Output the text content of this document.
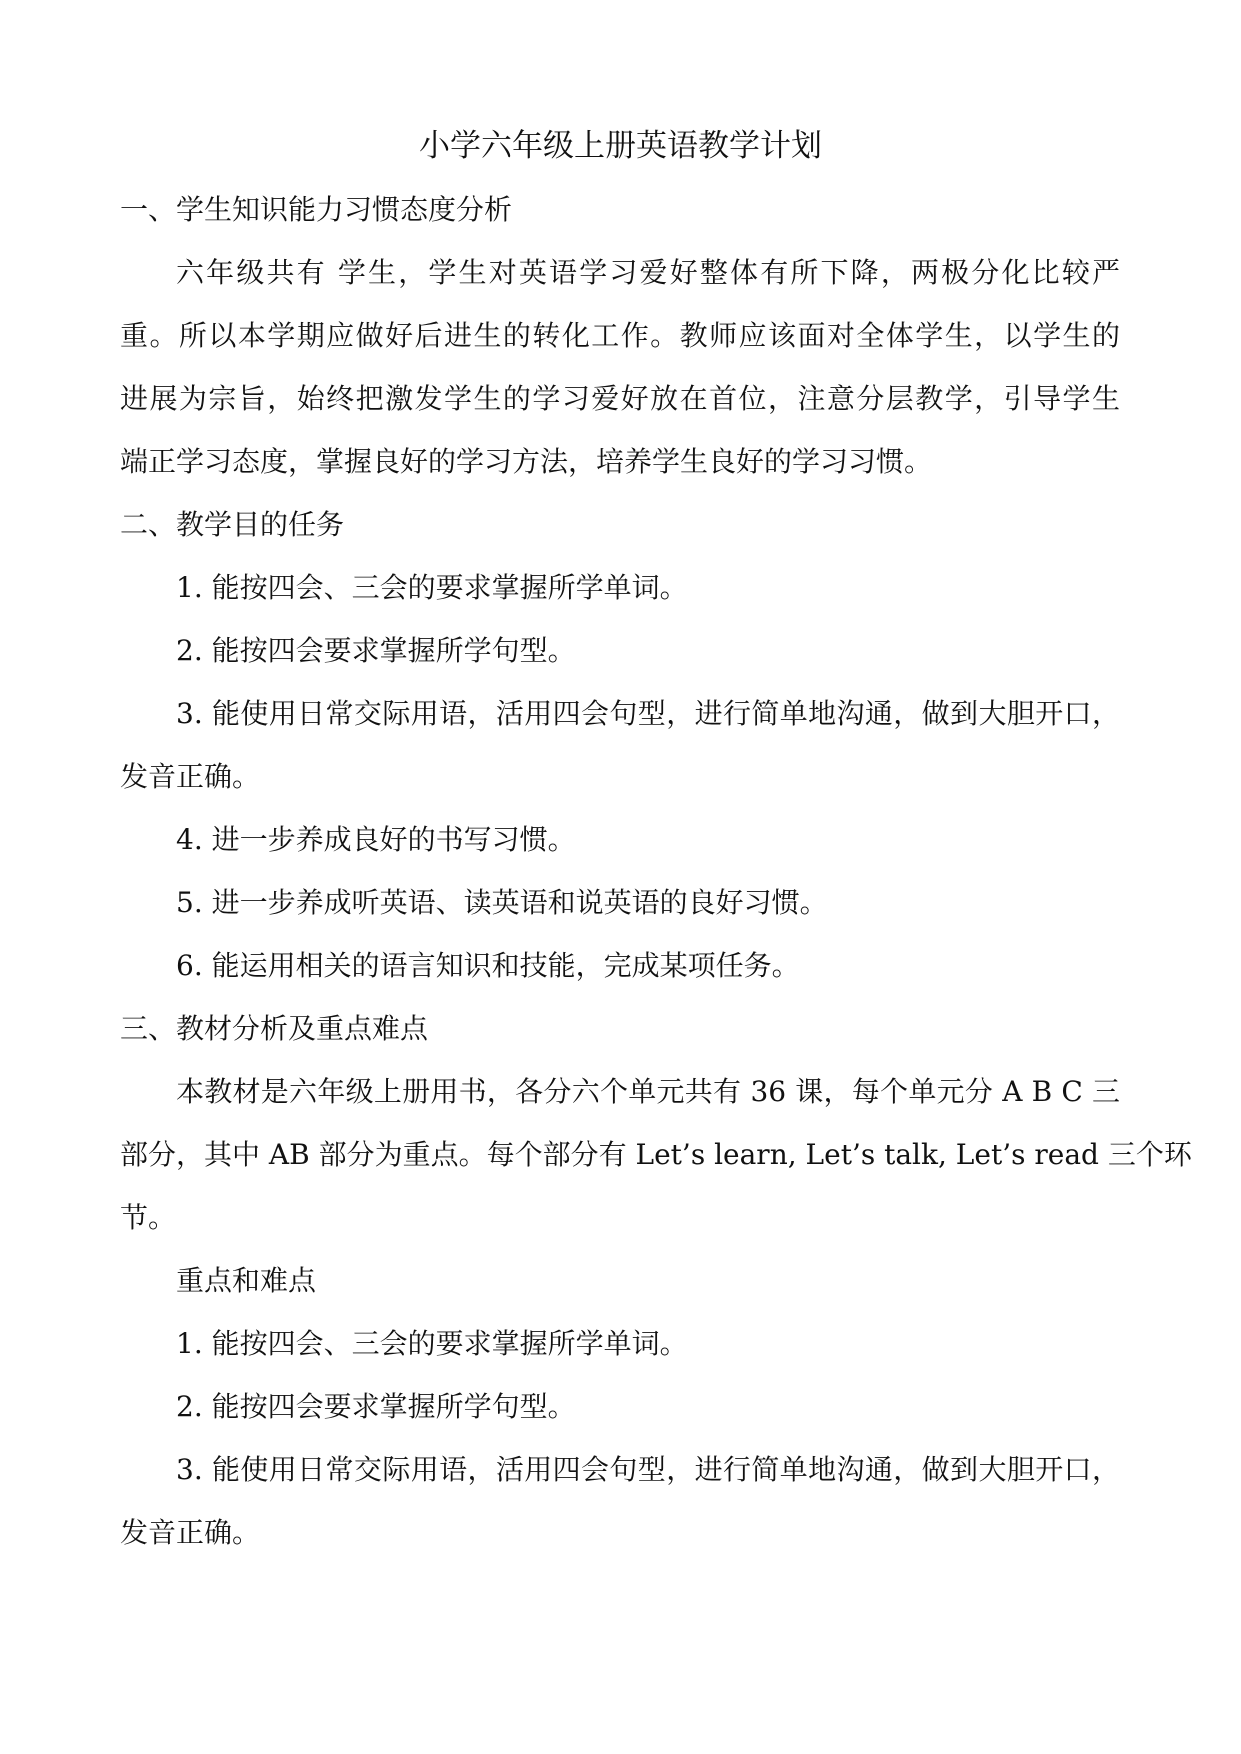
小学六年级上册英语教学计划
一、学生知识能力习惯态度分析
六年级共有 学生，学生对英语学习爱好整体有所下降，两极分化比较严
重。所以本学期应做好后进生的转化工作。教师应该面对全体学生，以学生的
进展为宗旨，始终把激发学生的学习爱好放在首位，注意分层教学，引导学生
端正学习态度，掌握良好的学习方法，培养学生良好的学习习惯。
二、教学目的任务
1. 能按四会、三会的要求掌握所学单词。
2. 能按四会要求掌握所学句型。
3. 能使用日常交际用语，活用四会句型，进行简单地沟通，做到大胆开口，
发音正确。
4. 进一步养成良好的书写习惯。
5. 进一步养成听英语、读英语和说英语的良好习惯。
6. 能运用相关的语言知识和技能，完成某项任务。
三、教材分析及重点难点
本教材是六年级上册用书，各分六个单元共有 36 课，每个单元分 A B C 三
部分，其中 AB 部分为重点。每个部分有 Let’s learn, Let’s talk, Let’s read 三个环
节。
重点和难点
1. 能按四会、三会的要求掌握所学单词。
2. 能按四会要求掌握所学句型。
3. 能使用日常交际用语，活用四会句型，进行简单地沟通，做到大胆开口，
发音正确。
